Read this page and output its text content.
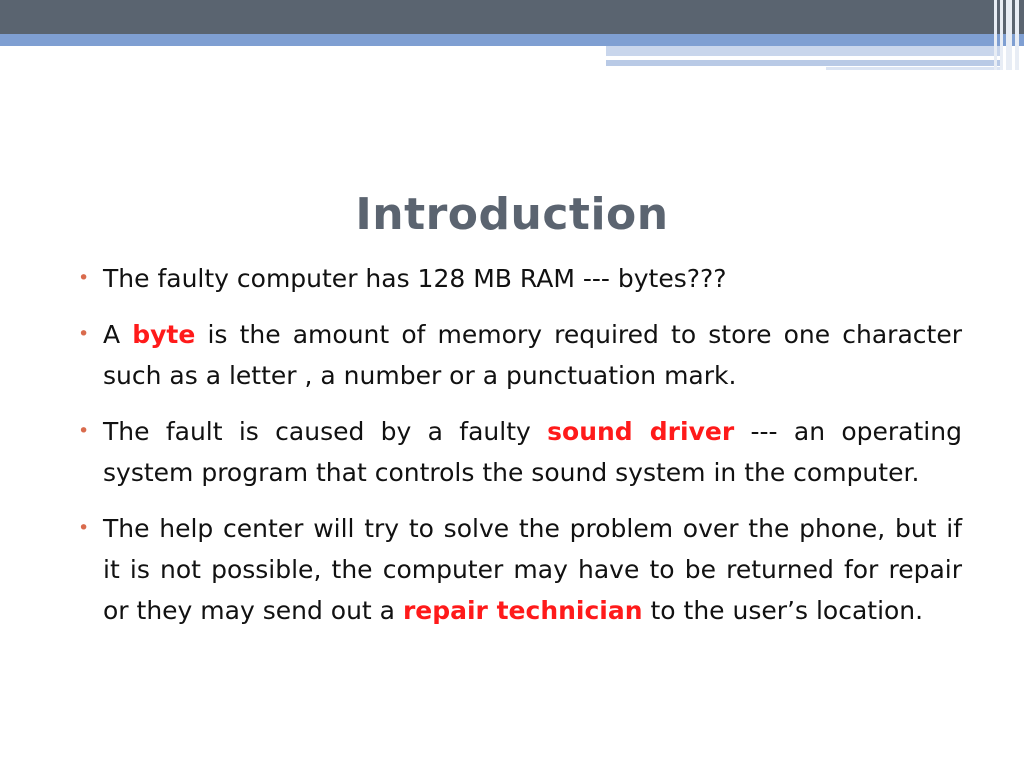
Introduction
• The faulty computer has 128 MB RAM --- bytes???
• A byte is the amount of memory required to store one character such as a letter , a number or a punctuation mark.
• The fault is caused by a faulty sound driver --- an operating system program that controls the sound system in the computer.
• The help center will try to solve the problem over the phone, but if it is not possible, the computer may have to be returned for repair or they may send out a repair technician to the user’s location.
